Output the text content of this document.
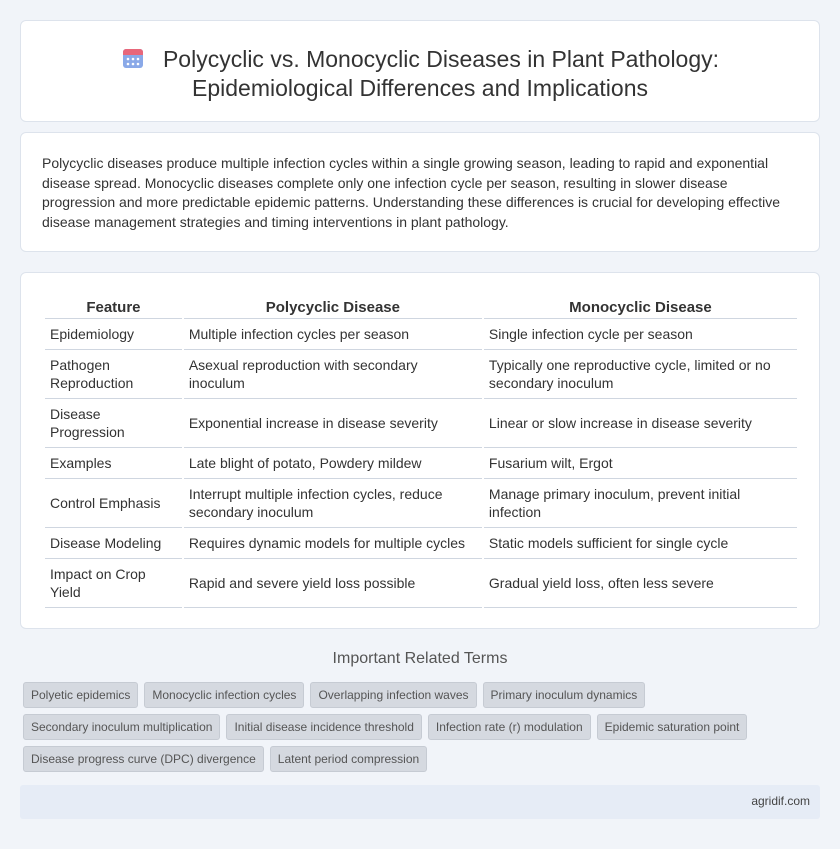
Polycyclic vs. Monocyclic Diseases in Plant Pathology:
Epidemiological Differences and Implications

Polycyclic diseases produce multiple infection cycles within a single growing season, leading to rapid and exponential disease spread. Monocyclic diseases complete only one infection cycle per season, resulting in slower disease progression and more predictable epidemic patterns. Understanding these differences is crucial for developing effective disease management strategies and timing interventions in plant pathology.

Feature	Polycyclic Disease	Monocyclic Disease
Epidemiology	Multiple infection cycles per season	Single infection cycle per season
Pathogen Reproduction	Asexual reproduction with secondary inoculum	Typically one reproductive cycle, limited or no secondary inoculum
Disease Progression	Exponential increase in disease severity	Linear or slow increase in disease severity
Examples	Late blight of potato, Powdery mildew	Fusarium wilt, Ergot
Control Emphasis	Interrupt multiple infection cycles, reduce secondary inoculum	Manage primary inoculum, prevent initial infection
Disease Modeling	Requires dynamic models for multiple cycles	Static models sufficient for single cycle
Impact on Crop Yield	Rapid and severe yield loss possible	Gradual yield loss, often less severe
Important Related Terms
Polyetic epidemics	Monocyclic infection cycles	Overlapping infection waves	Primary inoculum dynamics
Secondary inoculum multiplication	Initial disease incidence threshold	Infection rate (r) modulation	Epidemic saturation point
Disease progress curve (DPC) divergence	Latent period compression
agridif.com
